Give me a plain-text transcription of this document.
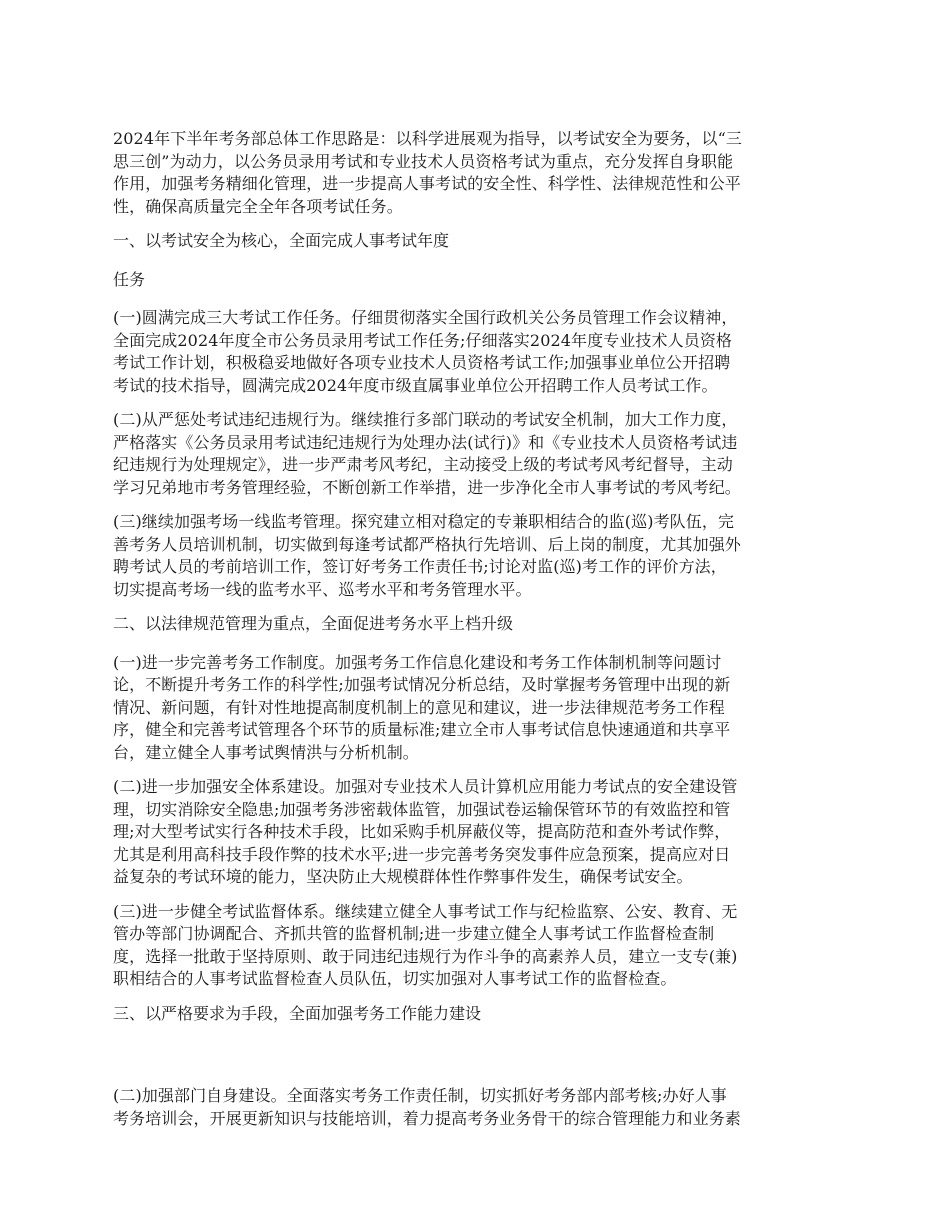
2024年下半年考务部总体工作思路是：以科学进展观为指导，以考试安全为要务，以“三
思三创”为动力，以公务员录用考试和专业技术人员资格考试为重点，充分发挥自身职能
作用，加强考务精细化管理，进一步提高人事考试的安全性、科学性、法律规范性和公平
性，确保高质量完全全年各项考试任务。

一、以考试安全为核心，全面完成人事考试年度

任务

(一)圆满完成三大考试工作任务。仔细贯彻落实全国行政机关公务员管理工作会议精神，
全面完成2024年度全市公务员录用考试工作任务;仔细落实2024年度专业技术人员资格
考试工作计划，积极稳妥地做好各项专业技术人员资格考试工作;加强事业单位公开招聘
考试的技术指导，圆满完成2024年度市级直属事业单位公开招聘工作人员考试工作。

(二)从严惩处考试违纪违规行为。继续推行多部门联动的考试安全机制，加大工作力度，
严格落实《公务员录用考试违纪违规行为处理办法(试行)》和《专业技术人员资格考试违
纪违规行为处理规定》，进一步严肃考风考纪，主动接受上级的考试考风考纪督导，主动
学习兄弟地市考务管理经验，不断创新工作举措，进一步净化全市人事考试的考风考纪。

(三)继续加强考场一线监考管理。探究建立相对稳定的专兼职相结合的监(巡)考队伍，完
善考务人员培训机制，切实做到每逢考试都严格执行先培训、后上岗的制度，尤其加强外
聘考试人员的考前培训工作，签订好考务工作责任书;讨论对监(巡)考工作的评价方法，
切实提高考场一线的监考水平、巡考水平和考务管理水平。

二、以法律规范管理为重点，全面促进考务水平上档升级

(一)进一步完善考务工作制度。加强考务工作信息化建设和考务工作体制机制等问题讨
论，不断提升考务工作的科学性;加强考试情况分析总结，及时掌握考务管理中出现的新
情况、新问题，有针对性地提高制度机制上的意见和建议，进一步法律规范考务工作程
序，健全和完善考试管理各个环节的质量标准;建立全市人事考试信息快速通道和共享平
台，建立健全人事考试舆情洪与分析机制。

(二)进一步加强安全体系建设。加强对专业技术人员计算机应用能力考试点的安全建设管
理，切实消除安全隐患;加强考务涉密载体监管，加强试卷运输保管环节的有效监控和管
理;对大型考试实行各种技术手段，比如采购手机屏蔽仪等，提高防范和查外考试作弊，
尤其是利用高科技手段作弊的技术水平;进一步完善考务突发事件应急预案，提高应对日
益复杂的考试环境的能力，坚决防止大规模群体性作弊事件发生，确保考试安全。

(三)进一步健全考试监督体系。继续建立健全人事考试工作与纪检监察、公安、教育、无
管办等部门协调配合、齐抓共管的监督机制;进一步建立健全人事考试工作监督检查制
度，选择一批敢于坚持原则、敢于同违纪违规行为作斗争的高素养人员，建立一支专(兼)
职相结合的人事考试监督检查人员队伍，切实加强对人事考试工作的监督检查。

三、以严格要求为手段，全面加强考务工作能力建设

(二)加强部门自身建设。全面落实考务工作责任制，切实抓好考务部内部考核;办好人事
考务培训会，开展更新知识与技能培训，着力提高考务业务骨干的综合管理能力和业务素
